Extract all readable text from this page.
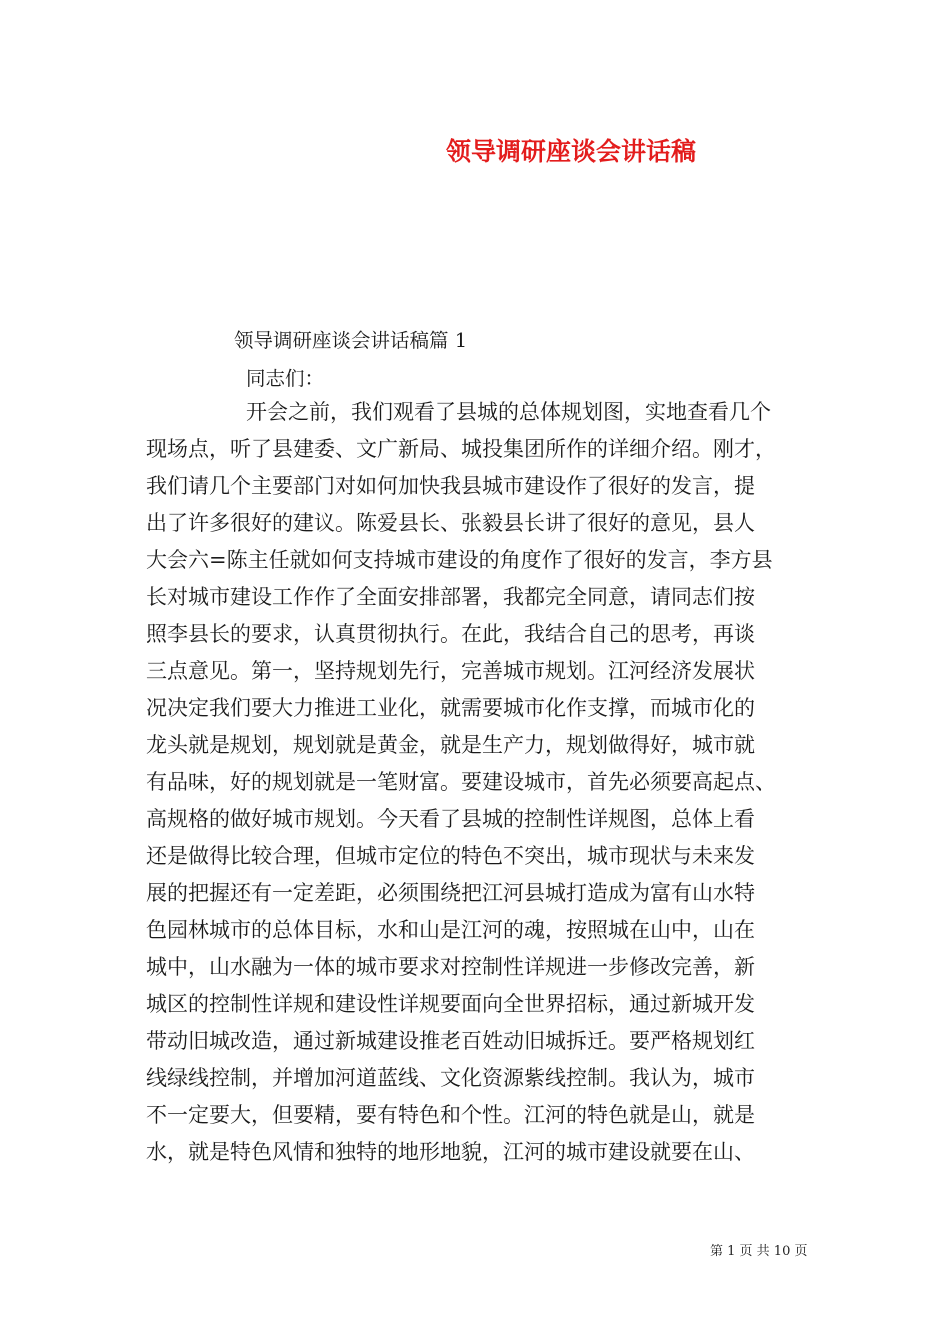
领导调研座谈会讲话稿
领导调研座谈会讲话稿篇 1
同志们：
开会之前，我们观看了县城的总体规划图，实地查看几个
现场点，听了县建委、文广新局、城投集团所作的详细介绍。刚才，
我们请几个主要部门对如何加快我县城市建设作了很好的发言，提
出了许多很好的建议。陈爱县长、张毅县长讲了很好的意见，县人
大会六=陈主任就如何支持城市建设的角度作了很好的发言，李方县
长对城市建设工作作了全面安排部署，我都完全同意，请同志们按
照李县长的要求，认真贯彻执行。在此，我结合自己的思考，再谈
三点意见。第一，坚持规划先行，完善城市规划。江河经济发展状
况决定我们要大力推进工业化，就需要城市化作支撑，而城市化的
龙头就是规划，规划就是黄金，就是生产力，规划做得好，城市就
有品味，好的规划就是一笔财富。要建设城市，首先必须要高起点、
高规格的做好城市规划。今天看了县城的控制性详规图，总体上看
还是做得比较合理，但城市定位的特色不突出，城市现状与未来发
展的把握还有一定差距，必须围绕把江河县城打造成为富有山水特
色园林城市的总体目标，水和山是江河的魂，按照城在山中，山在
城中，山水融为一体的城市要求对控制性详规进一步修改完善，新
城区的控制性详规和建设性详规要面向全世界招标，通过新城开发
带动旧城改造，通过新城建设推老百姓动旧城拆迁。要严格规划红
线绿线控制，并增加河道蓝线、文化资源紫线控制。我认为，城市
不一定要大，但要精，要有特色和个性。江河的特色就是山，就是
水，就是特色风情和独特的地形地貌，江河的城市建设就要在山、
第 1 页 共 10 页
